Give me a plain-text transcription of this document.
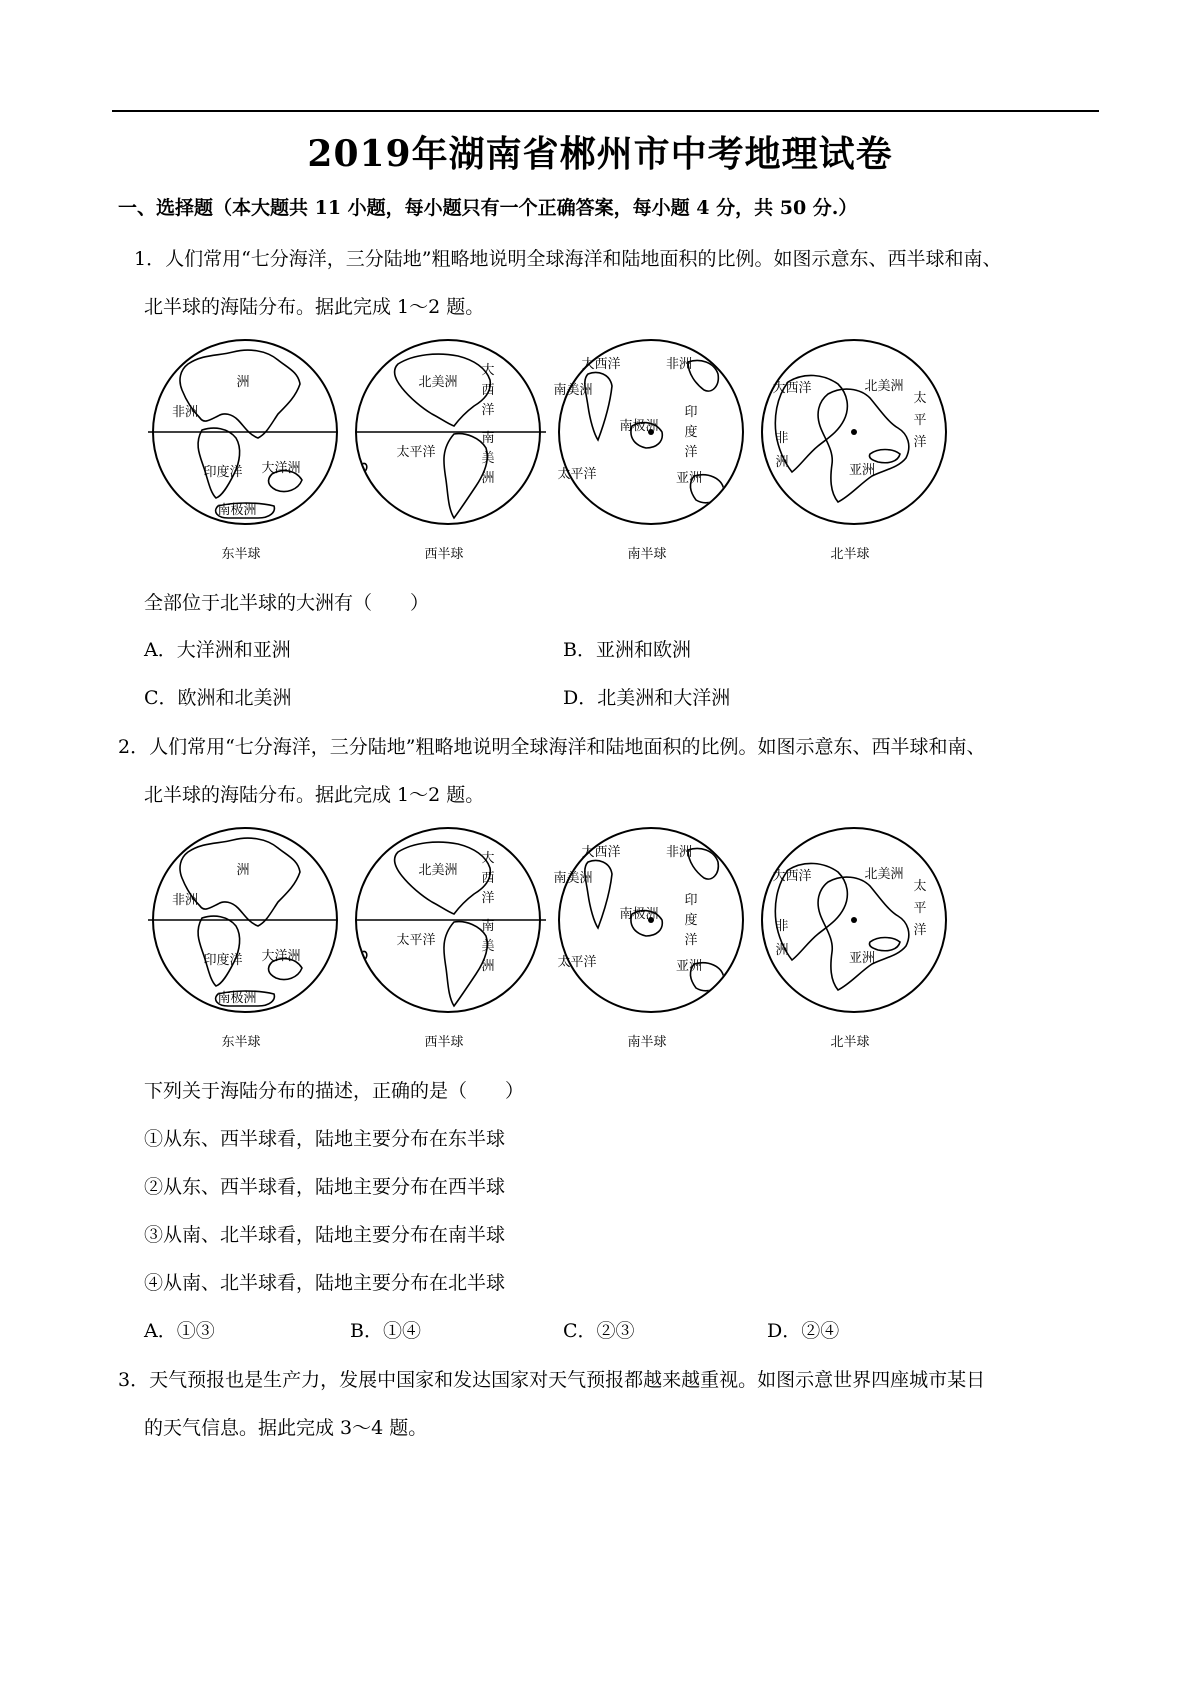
2019年湖南省郴州市中考地理试卷
一、选择题（本大题共 11 小题，每小题只有一个正确答案，每小题 4 分，共 50 分.）
1．人们常用“七分海洋，三分陆地”粗略地说明全球海洋和陆地面积的比例。如图示意东、西半球和南、
北半球的海陆分布。据此完成 1～2 题。
洲
非洲
印度洋 大洋洲
南极洲
东半球
北美洲
大
西
洋
南
美
洲
太平洋
西半球
大西洋	非洲
南美洲
印
度
洋
南极洲
太平洋	亚洲
南半球
大西洋	北美洲
太
平
洋
非
洲
亚洲
北半球
全部位于北半球的大洲有（　　）
A．大洋洲和亚洲	B．亚洲和欧洲
C．欧洲和北美洲	D．北美洲和大洋洲
2．人们常用“七分海洋，三分陆地”粗略地说明全球海洋和陆地面积的比例。如图示意东、西半球和南、
北半球的海陆分布。据此完成 1～2 题。
洲
非洲
印度洋 大洋洲
南极洲
东半球
北美洲
大
西
洋
南
美
洲
太平洋
西半球
大西洋	非洲
南美洲
印
度
洋
南极洲
太平洋	亚洲
南半球
大西洋	北美洲
太
平
洋
非
洲
亚洲
北半球
下列关于海陆分布的描述，正确的是（　　）
①从东、西半球看，陆地主要分布在东半球
②从东、西半球看，陆地主要分布在西半球
③从南、北半球看，陆地主要分布在南半球
④从南、北半球看，陆地主要分布在北半球
A．①③	B．①④	C．②③	D．②④
3．天气预报也是生产力，发展中国家和发达国家对天气预报都越来越重视。如图示意世界四座城市某日
的天气信息。据此完成 3～4 题。
